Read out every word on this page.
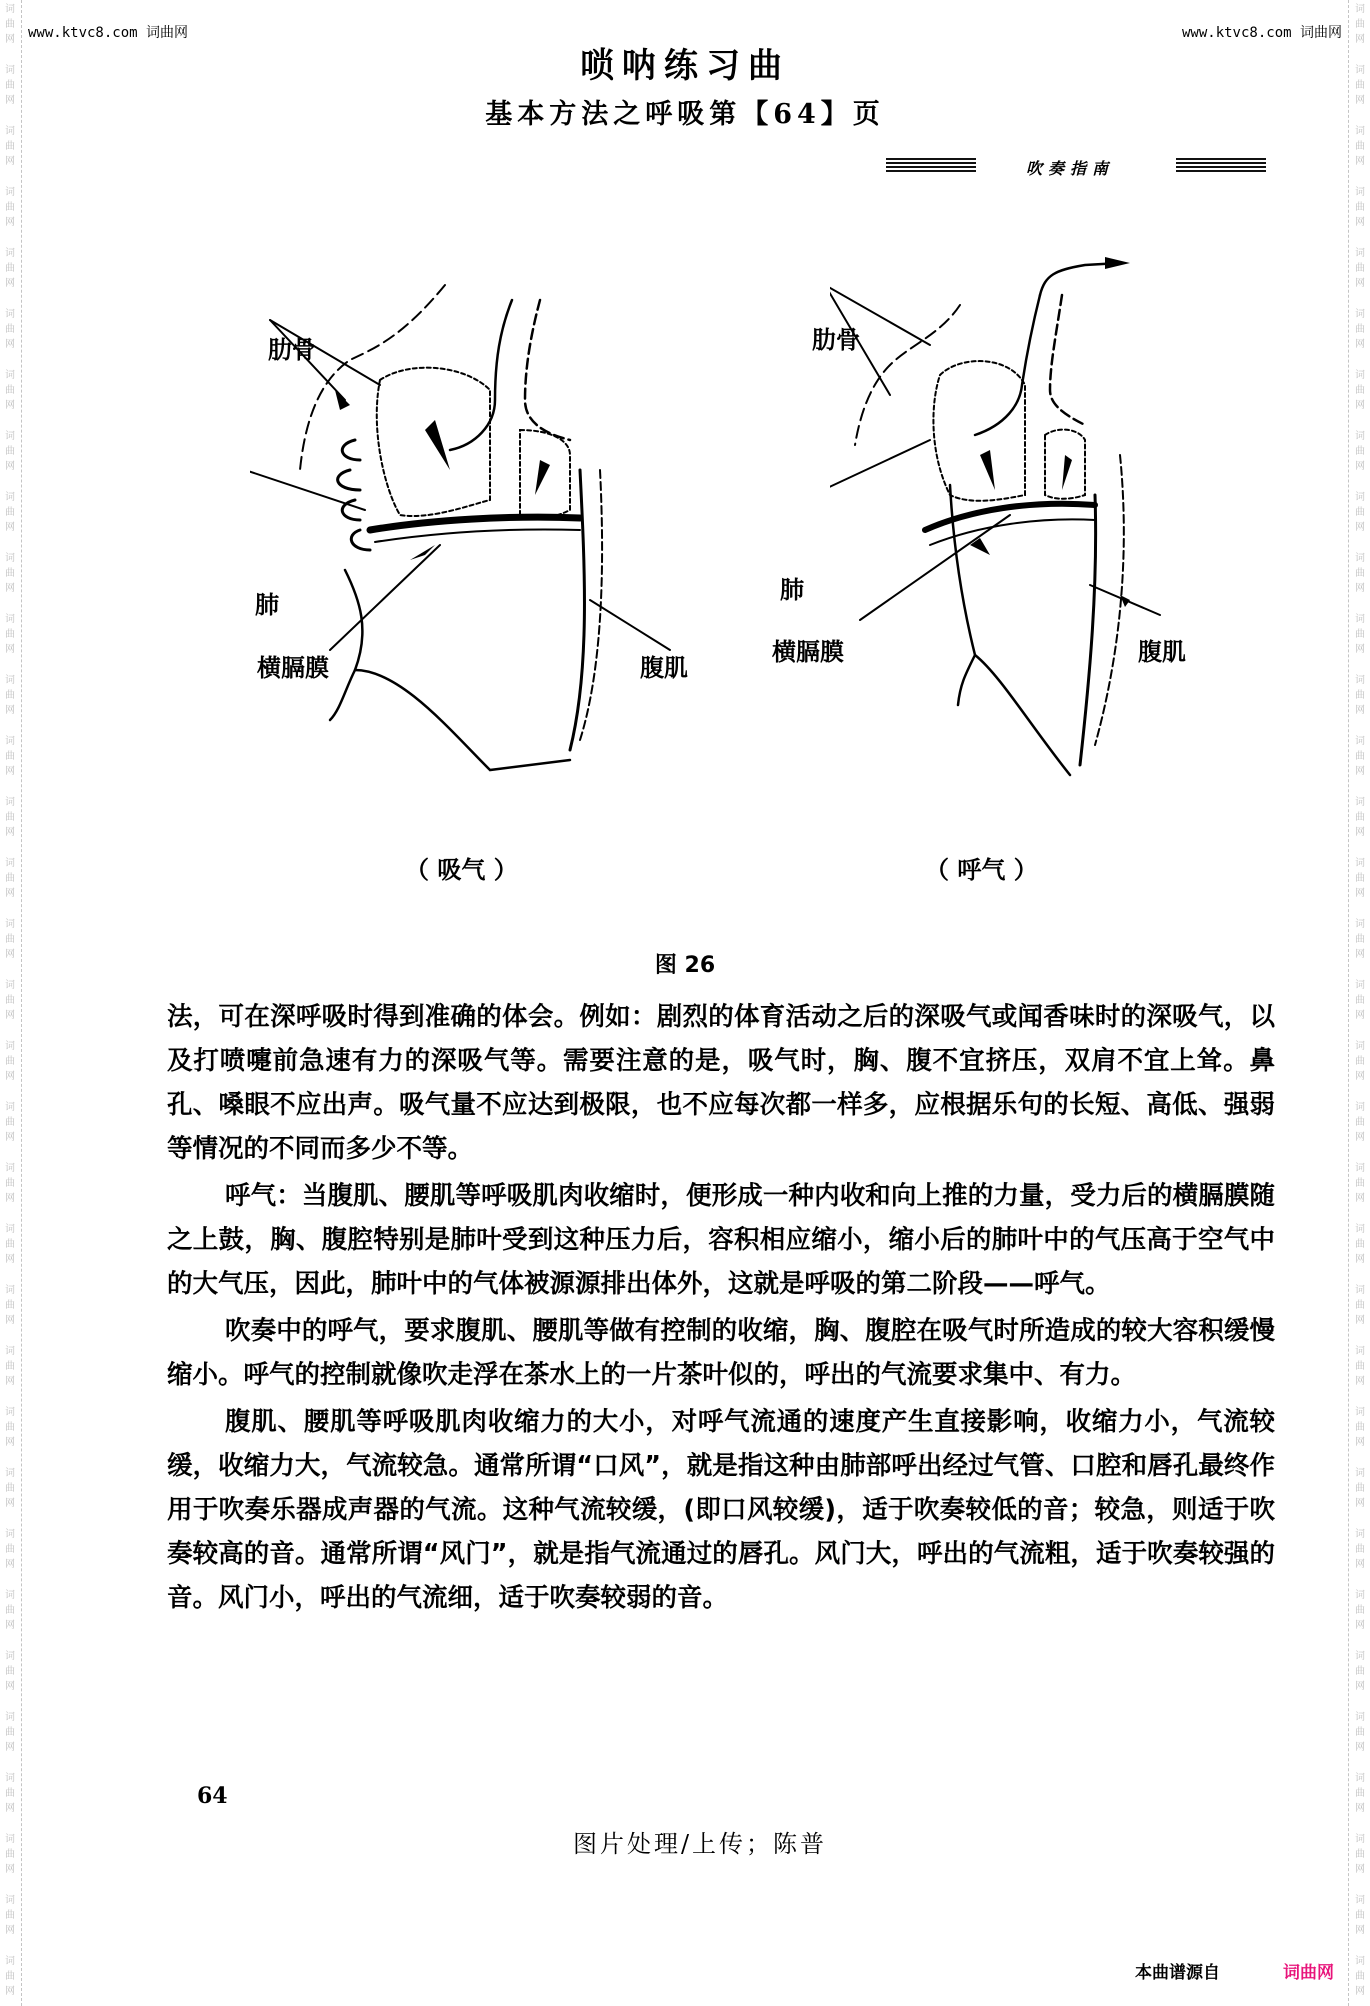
词
曲
网
词
曲
网
词
曲
网
词
曲
网
词
曲
网
词
曲
网
词
曲
网
词
曲
网
词
曲
网
词
曲
网
词
曲
网
词
曲
网
词
曲
网
词
曲
网
词
曲
网
词
曲
网
词
曲
网
词
曲
网
词
曲
网
词
曲
网
词
曲
网
词
曲
网
词
曲
网
词
曲
网
词
曲
网
词
曲
网
词
曲
网
词
曲
网
词
曲
网
词
曲
网
词
曲
网
词
曲
网
词
曲
网
词
曲
网
词
曲
网
词
曲
网
词
曲
网
词
曲
网
词
曲
网
词
曲
网
词
曲
网
词
曲
网
词
曲
网
词
曲
网
词
曲
网
词
曲
网
词
曲
网
词
曲
网
词
曲
网
词
曲
网
词
曲
网
词
曲
网
词
曲
网
词
曲
网
词
曲
网
词
曲
网
词
曲
网
词
曲
网
词
曲
网
词
曲
网
词
曲
网
词
曲
网
词
曲
网
词
曲
网
词
曲
网
词
曲
网
www.ktvc8.com 词曲网	www.ktvc8.com 词曲网
唢呐练习曲
基本方法之呼吸第【64】页
吹奏指南
肋骨
肺
横膈膜	腹肌
肋骨
肺
横膈膜	腹肌
（ 吸气 ）	（ 呼气 ）
图 26

法，可在深呼吸时得到准确的体会。例如：剧烈的体育活动之后的深吸气或闻香味时的深吸气，以及打喷嚏前急速有力的深吸气等。需要注意的是，吸气时，胸、腹不宜挤压，双肩不宜上耸。鼻孔、嗓眼不应出声。吸气量不应达到极限，也不应每次都一样多，应根据乐句的长短、高低、强弱等情况的不同而多少不等。

呼气：当腹肌、腰肌等呼吸肌肉收缩时，便形成一种内收和向上推的力量，受力后的横膈膜随之上鼓，胸、腹腔特别是肺叶受到这种压力后，容积相应缩小，缩小后的肺叶中的气压高于空气中的大气压，因此，肺叶中的气体被源源排出体外，这就是呼吸的第二阶段——呼气。

吹奏中的呼气，要求腹肌、腰肌等做有控制的收缩，胸、腹腔在吸气时所造成的较大容积缓慢缩小。呼气的控制就像吹走浮在茶水上的一片茶叶似的，呼出的气流要求集中、有力。

腹肌、腰肌等呼吸肌肉收缩力的大小，对呼气流通的速度产生直接影响，收缩力小，气流较缓，收缩力大，气流较急。通常所谓“口风”，就是指这种由肺部呼出经过气管、口腔和唇孔最终作用于吹奏乐器成声器的气流。这种气流较缓，(即口风较缓)，适于吹奏较低的音；较急，则适于吹奏较高的音。通常所谓“风门”，就是指气流通过的唇孔。风门大，呼出的气流粗，适于吹奏较强的音。风门小，呼出的气流细，适于吹奏较弱的音。

64
图片处理/上传；陈普
本曲谱源自	词曲网
